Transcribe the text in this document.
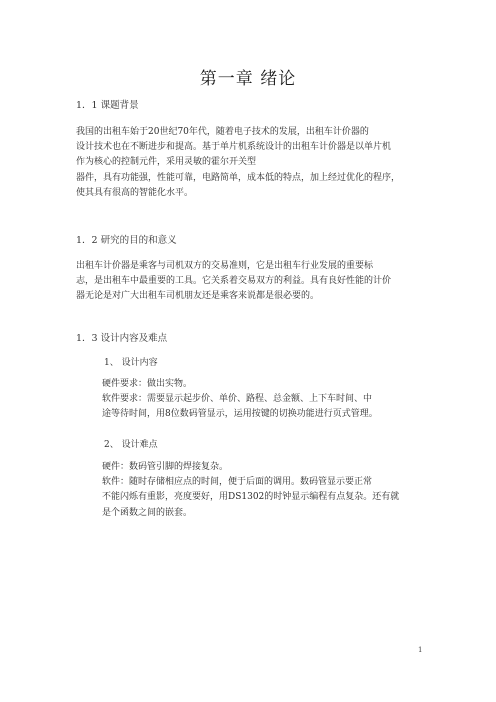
第一章 绪论
1．1 课题背景
我国的出租车始于20世纪70年代，随着电子技术的发展，出租车计价器的
设计技术也在不断进步和提高。基于单片机系统设计的出租车计价器是以单片机
作为核心的控制元件，采用灵敏的霍尔开关型
器件，具有功能强，性能可靠，电路简单，成本低的特点，加上经过优化的程序，
使其具有很高的智能化水平。
1．2 研究的目的和意义
出租车计价器是乘客与司机双方的交易准则，它是出租车行业发展的重要标
志，是出租车中最重要的工具。它关系着交易双方的利益。具有良好性能的计价
器无论是对广大出租车司机朋友还是乘客来说都是很必要的。
1．3 设计内容及难点
1、 设计内容
硬件要求：做出实物。
软件要求：需要显示起步价、单价、路程、总金额、上下车时间、中
途等待时间，用8位数码管显示，运用按键的切换功能进行页式管理。
2、 设计难点
硬件：数码管引脚的焊接复杂。
软件：随时存储相应点的时间，便于后面的调用。数码管显示要正常
不能闪烁有重影，亮度要好，用DS1302的时钟显示编程有点复杂。还有就
是个函数之间的嵌套。
1
